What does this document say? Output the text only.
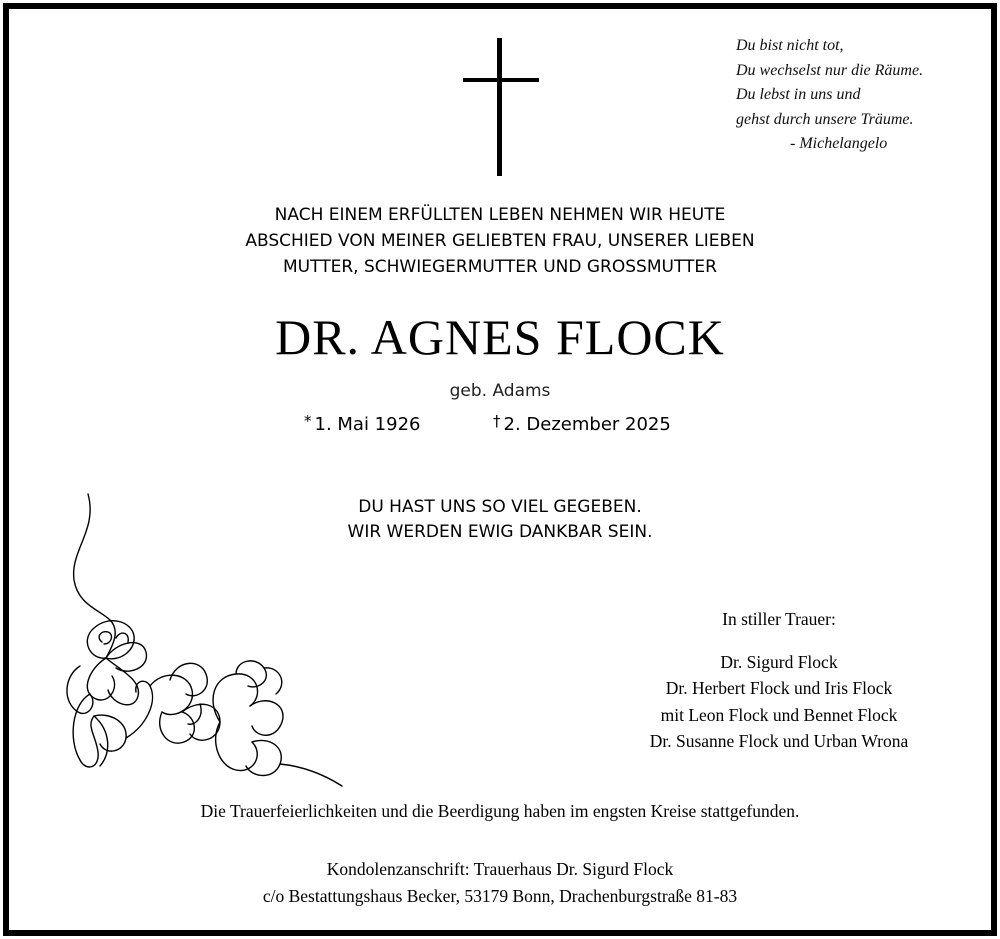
Du bist nicht tot,
Du wechselst nur die Räume.
Du lebst in uns und
gehst durch unsere Träume.
- Michelangelo
NACH EINEM ERFÜLLTEN LEBEN NEHMEN WIR HEUTE
ABSCHIED VON MEINER GELIEBTEN FRAU, UNSERER LIEBEN
MUTTER, SCHWIEGERMUTTER UND GROSSMUTTER
DR. AGNES FLOCK
geb. Adams
* 1. Mai 1926	† 2. Dezember 2025
DU HAST UNS SO VIEL GEGEBEN.
WIR WERDEN EWIG DANKBAR SEIN.
In stiller Trauer:
Dr. Sigurd Flock
Dr. Herbert Flock und Iris Flock
mit Leon Flock und Bennet Flock
Dr. Susanne Flock und Urban Wrona
Die Trauerfeierlichkeiten und die Beerdigung haben im engsten Kreise stattgefunden.
Kondolenzanschrift: Trauerhaus Dr. Sigurd Flock
c/o Bestattungshaus Becker, 53179 Bonn, Drachenburgstraße 81-83
